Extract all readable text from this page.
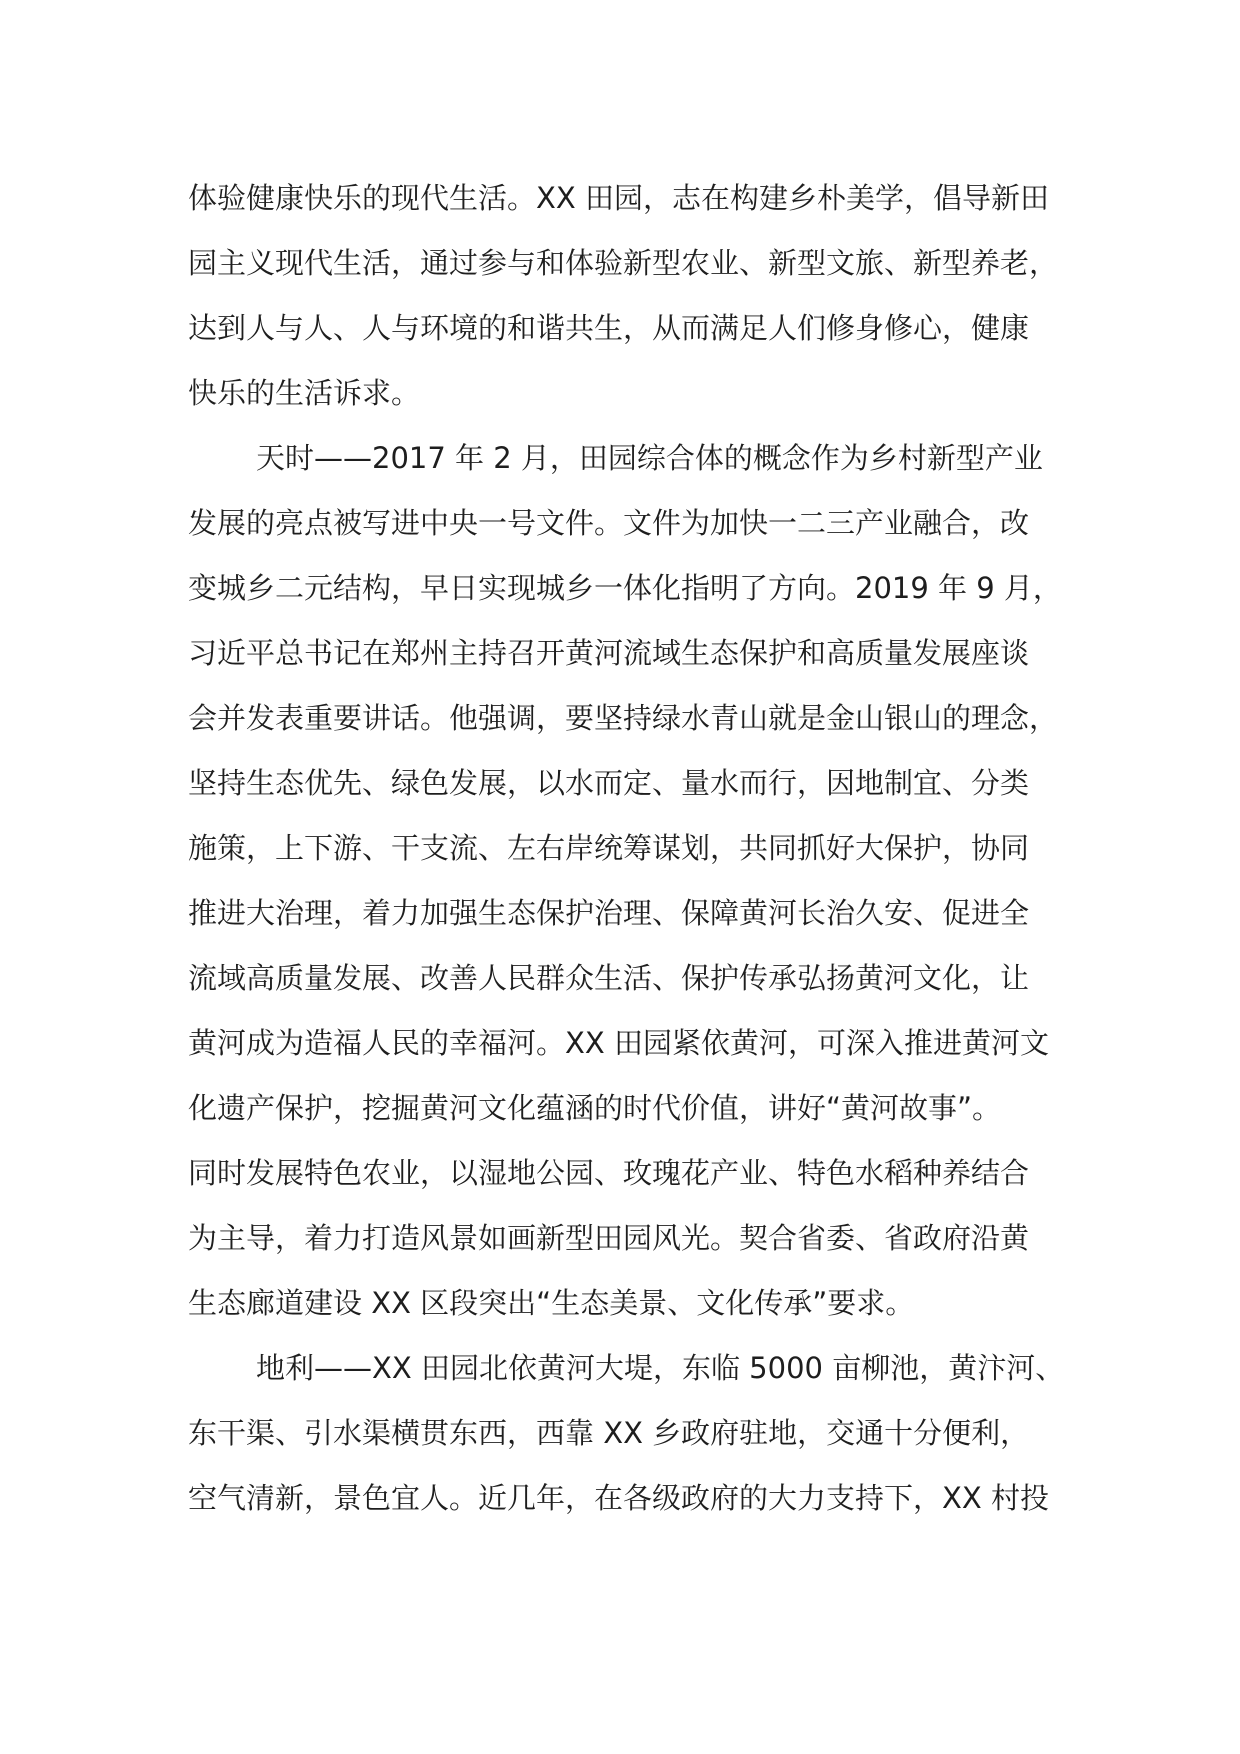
体验健康快乐的现代生活。XX 田园，志在构建乡朴美学，倡导新田
园主义现代生活，通过参与和体验新型农业、新型文旅、新型养老，
达到人与人、人与环境的和谐共生，从而满足人们修身修心，健康
快乐的生活诉求。
天时——2017 年 2 月，田园综合体的概念作为乡村新型产业
发展的亮点被写进中央一号文件。文件为加快一二三产业融合，改
变城乡二元结构，早日实现城乡一体化指明了方向。2019 年 9 月，
习近平总书记在郑州主持召开黄河流域生态保护和高质量发展座谈
会并发表重要讲话。他强调，要坚持绿水青山就是金山银山的理念，
坚持生态优先、绿色发展，以水而定、量水而行，因地制宜、分类
施策，上下游、干支流、左右岸统筹谋划，共同抓好大保护，协同
推进大治理，着力加强生态保护治理、保障黄河长治久安、促进全
流域高质量发展、改善人民群众生活、保护传承弘扬黄河文化，让
黄河成为造福人民的幸福河。XX 田园紧依黄河，可深入推进黄河文
化遗产保护，挖掘黄河文化蕴涵的时代价值，讲好“黄河故事”。
同时发展特色农业，以湿地公园、玫瑰花产业、特色水稻种养结合
为主导，着力打造风景如画新型田园风光。契合省委、省政府沿黄
生态廊道建设 XX 区段突出“生态美景、文化传承”要求。
地利——XX 田园北依黄河大堤，东临 5000 亩柳池，黄汴河、
东干渠、引水渠横贯东西，西靠 XX 乡政府驻地，交通十分便利，
空气清新，景色宜人。近几年，在各级政府的大力支持下，XX 村投
